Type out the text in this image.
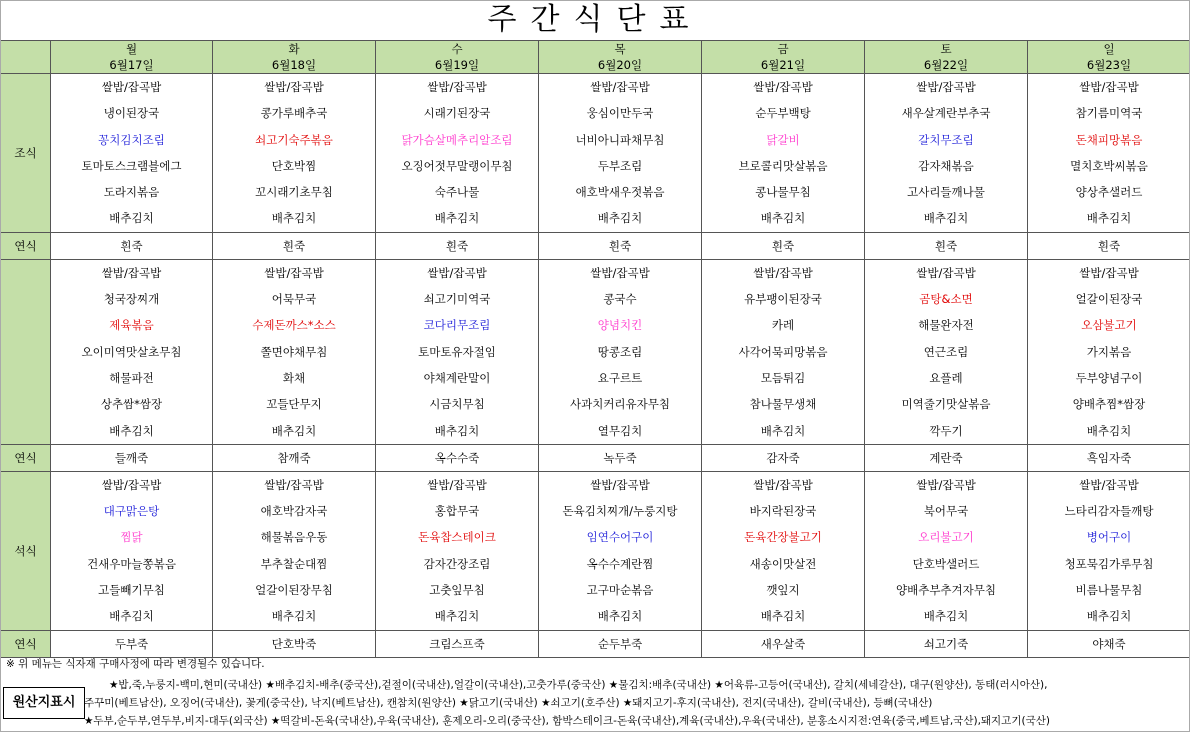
주간식단표
	월	화	수	목	금	토	일
	6월17일	6월18일	6월19일	6월20일	6월21일	6월22일	6월23일
조식	쌀밥/잡곡밥	쌀밥/잡곡밥	쌀밥/잡곡밥	쌀밥/잡곡밥	쌀밥/잡곡밥	쌀밥/잡곡밥	쌀밥/잡곡밥
	냉이된장국	콩가루배추국	시래기된장국	웅심이만두국	순두부백탕	새우살계란부추국	참기름미역국
	꽁치김치조림	쇠고기숙주볶음	닭가슴살메추리알조림	너비아니파채무침	닭갈비	갈치무조림	돈채피망볶음
	토마토스크램블에그	단호박찜	오징어젓무말랭이무침	두부조림	브로콜리맛살볶음	감자채볶음	멸치호박씨볶음
	도라지볶음	꼬시래기초무침	숙주나물	애호박새우젓볶음	콩나물무침	고사리들깨나물	양상추샐러드
	배추김치	배추김치	배추김치	배추김치	배추김치	배추김치	배추김치
연식	흰죽	흰죽	흰죽	흰죽	흰죽	흰죽	흰죽
	쌀밥/잡곡밥	쌀밥/잡곡밥	쌀밥/잡곡밥	쌀밥/잡곡밥	쌀밥/잡곡밥	쌀밥/잡곡밥	쌀밥/잡곡밥
	청국장찌개	어묵무국	쇠고기미역국	콩국수	유부팽이된장국	곰탕&소면	얼갈이된장국
	제육볶음	수제돈까스*소스	코다리무조림	양념치킨	카레	해물완자전	오삼불고기
	오이미역맛살초무침	쫄면야채무침	토마토유자절임	땅콩조림	사각어묵피망볶음	연근조림	가지볶음
	해물파전	화채	야채계란말이	요구르트	모듬튀김	요플레	두부양념구이
	상추쌈*쌈장	꼬들단무지	시금치무침	사과치커리유자무침	참나물무생채	미역줄기맛살볶음	양배추찜*쌈장
	배추김치	배추김치	배추김치	열무김치	배추김치	깍두기	배추김치
연식	들깨죽	참깨죽	옥수수죽	녹두죽	감자죽	계란죽	흑임자죽
석식	쌀밥/잡곡밥	쌀밥/잡곡밥	쌀밥/잡곡밥	쌀밥/잡곡밥	쌀밥/잡곡밥	쌀밥/잡곡밥	쌀밥/잡곡밥
	대구맑은탕	애호박감자국	홍합무국	돈육김치찌개/누룽지탕	바지락된장국	북어무국	느타리감자들깨탕
	찜닭	해물볶음우동	돈육찹스테이크	임연수어구이	돈육간장불고기	오리불고기	병어구이
	건새우마늘쫑볶음	부추찰순대찜	감자간장조림	옥수수계란찜	새송이맛살전	단호박샐러드	청포묵김가루무침
	고들빼기무침	얼갈이된장무침	고춧잎무침	고구마순볶음	깻잎지	양배추부추겨자무침	비름나물무침
	배추김치	배추김치	배추김치	배추김치	배추김치	배추김치	배추김치
연식	두부죽	단호박죽	크림스프죽	순두부죽	새우살죽	쇠고기죽	야채죽
※ 위 메뉴는 식자재 구매사정에 따라 변경될수 있습니다.
원산지표시
★밥,죽,누룽지-백미,현미(국내산) ★배추김치-배추(중국산),겉절이(국내산),얼갈이(국내산),고춧가루(중국산) ★물김치:배추(국내산) ★어육류-고등어(국내산), 갈치(세네갈산), 대구(원양산), 동태(러시아산),
주꾸미(베트남산), 오징어(국내산), 꽃게(중국산), 낙지(베트남산), 캔참치(원양산) ★닭고기(국내산) ★쇠고기(호주산) ★돼지고기-후지(국내산), 전지(국내산), 갈비(국내산), 등뼈(국내산)
★두부,순두부,연두부,비지-대두(외국산) ★떡갈비-돈육(국내산),우육(국내산), 훈제오리-오리(중국산), 함박스테이크-돈육(국내산),계육(국내산),우육(국내산), 분홍소시지전:연육(중국,베트남,국산),돼지고기(국산)
